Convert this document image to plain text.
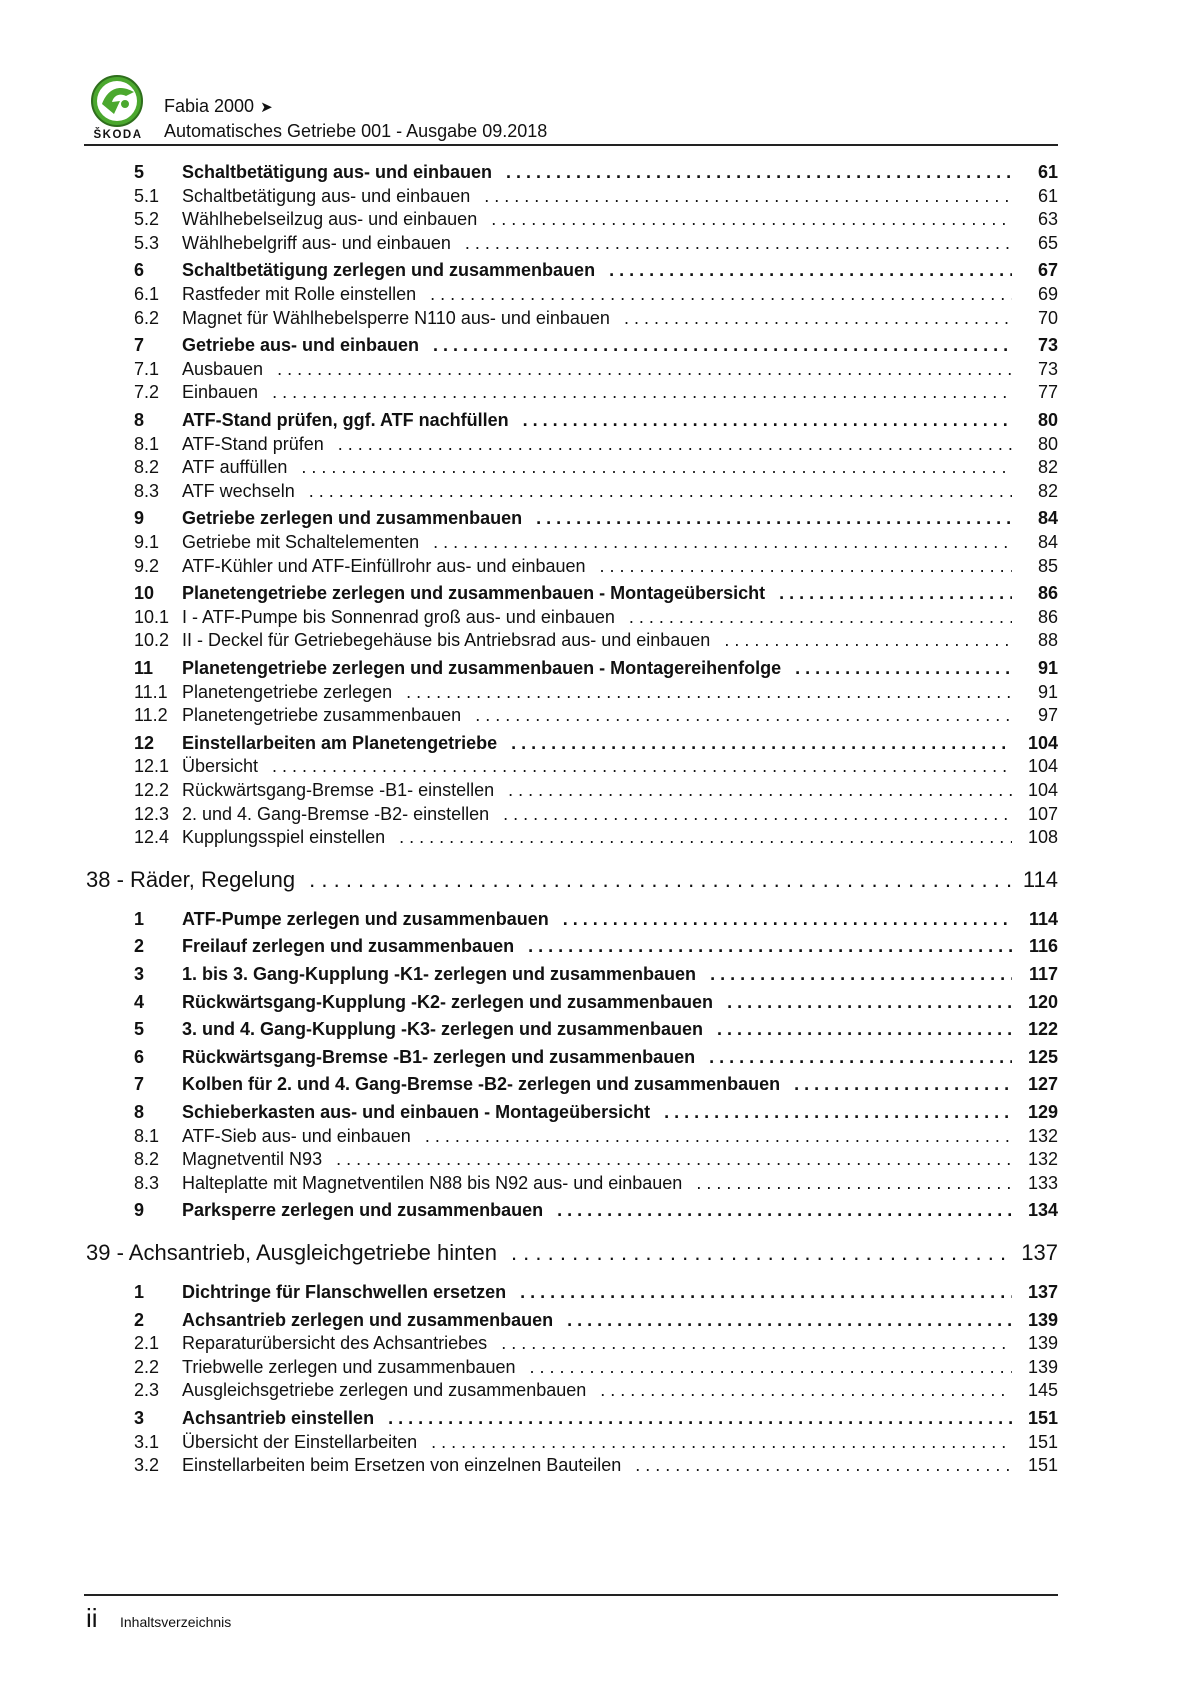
ŠKODA
Fabia 2000 ➤
Automatisches Getriebe 001 - Ausgabe 09.2018
5	Schaltbetätigung aus- und einbauen . . .	61
5.1	Schaltbetätigung aus- und einbauen . . .	61
5.2	Wählhebelseilzug aus- und einbauen . . .	63
5.3	Wählhebelgriff aus- und einbauen . . .	65
6	Schaltbetätigung zerlegen und zusammenbauen . . .	67
6.1	Rastfeder mit Rolle einstellen . . .	69
6.2	Magnet für Wählhebelsperre N110 aus- und einbauen . . .	70
7	Getriebe aus- und einbauen . . .	73
7.1	Ausbauen . . .	73
7.2	Einbauen . . .	77
8	ATF-Stand prüfen, ggf. ATF nachfüllen . . .	80
8.1	ATF-Stand prüfen . . .	80
8.2	ATF auffüllen . . .	82
8.3	ATF wechseln . . .	82
9	Getriebe zerlegen und zusammenbauen . . .	84
9.1	Getriebe mit Schaltelementen . . .	84
9.2	ATF-Kühler und ATF-Einfüllrohr aus- und einbauen . . .	85
10	Planetengetriebe zerlegen und zusammenbauen - Montageübersicht . . .	86
10.1 I - ATF-Pumpe bis Sonnenrad groß aus- und einbauen . . .	86
10.2 II - Deckel für Getriebegehäuse bis Antriebsrad aus- und einbauen . . .	88
11	Planetengetriebe zerlegen und zusammenbauen - Montagereihenfolge . . .	91
11.1 Planetengetriebe zerlegen . . .	91
11.2 Planetengetriebe zusammenbauen . . .	97
12	Einstellarbeiten am Planetengetriebe . . .	104
12.1 Übersicht . . .	104
12.2 Rückwärtsgang-Bremse -B1- einstellen . . .	104
12.3 2. und 4. Gang-Bremse -B2- einstellen . . .	107
12.4 Kupplungsspiel einstellen . . .	108
38 - Räder, Regelung . . .	114
1	ATF-Pumpe zerlegen und zusammenbauen . . .	114
2	Freilauf zerlegen und zusammenbauen . . .	116
3	1. bis 3. Gang-Kupplung -K1- zerlegen und zusammenbauen . . .	117
4	Rückwärtsgang-Kupplung -K2- zerlegen und zusammenbauen . . .	120
5	3. und 4. Gang-Kupplung -K3- zerlegen und zusammenbauen . . .	122
6	Rückwärtsgang-Bremse -B1- zerlegen und zusammenbauen . . .	125
7	Kolben für 2. und 4. Gang-Bremse -B2- zerlegen und zusammenbauen . . .	127
8	Schieberkasten aus- und einbauen - Montageübersicht . . .	129
8.1	ATF-Sieb aus- und einbauen . . .	132
8.2	Magnetventil N93 . . .	132
8.3	Halteplatte mit Magnetventilen N88 bis N92 aus- und einbauen . . .	133
9	Parksperre zerlegen und zusammenbauen . . .	134
39 - Achsantrieb, Ausgleichgetriebe hinten . . .	137
1	Dichtringe für Flanschwellen ersetzen . . .	137
2	Achsantrieb zerlegen und zusammenbauen . . .	139
2.1	Reparaturübersicht des Achsantriebes . . .	139
2.2	Triebwelle zerlegen und zusammenbauen . . .	139
2.3	Ausgleichsgetriebe zerlegen und zusammenbauen . . .	145
3	Achsantrieb einstellen . . .	151
3.1	Übersicht der Einstellarbeiten . . .	151
3.2	Einstellarbeiten beim Ersetzen von einzelnen Bauteilen . . .	151
ii Inhaltsverzeichnis
